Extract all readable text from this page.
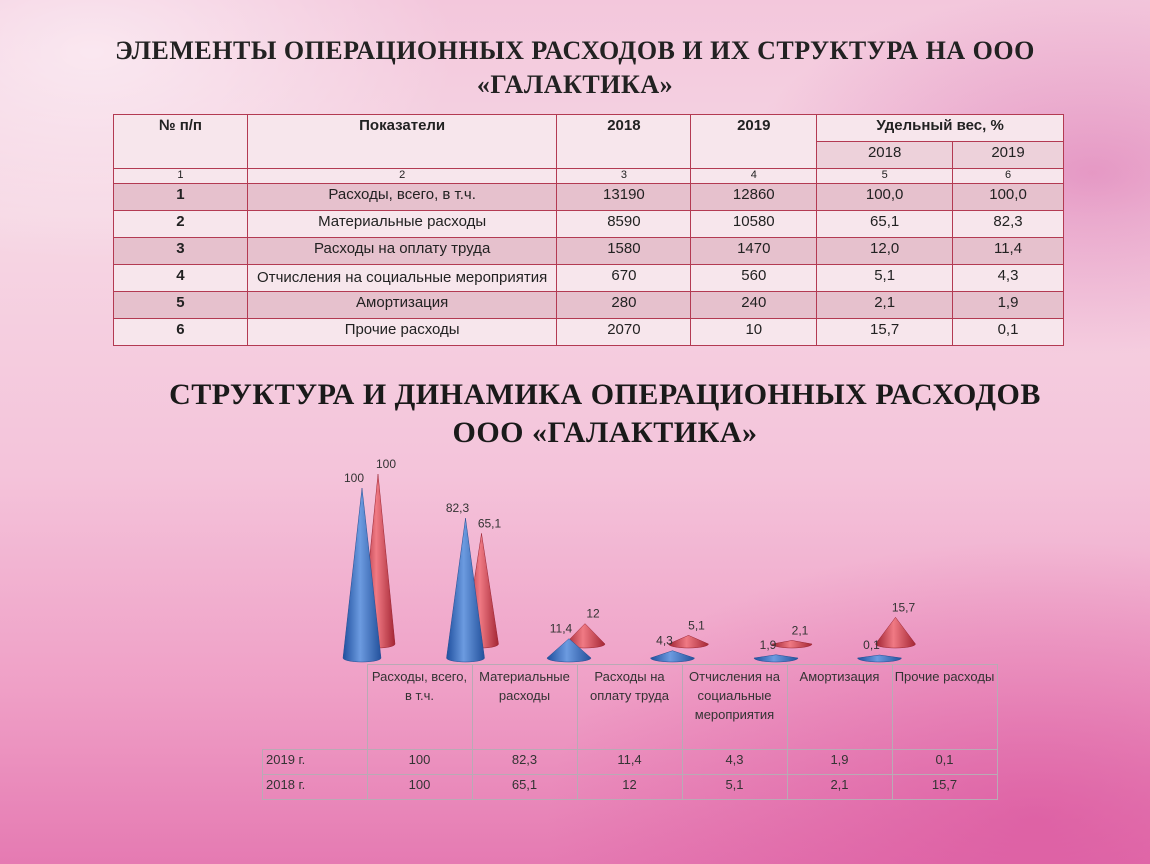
ЭЛЕМЕНТЫ ОПЕРАЦИОННЫХ РАСХОДОВ И ИХ СТРУКТУРА НА ООО «ГАЛАКТИКА»
№ п/п	Показатели	2018	2019	Удельный вес, %	
				2018	2019
1	2	3	4	5	6
1	Расходы, всего, в т.ч.	13190	12860	100,0	100,0
2	Материальные расходы	8590	10580	65,1	82,3
3	Расходы на оплату труда	1580	1470	12,0	11,4
4	Отчисления на социальные мероприятия	670	560	5,1	4,3
5	Амортизация	280	240	2,1	1,9
6	Прочие расходы	2070	10	15,7	0,1
СТРУКТУРА И ДИНАМИКА ОПЕРАЦИОННЫХ РАСХОДОВ
ООО «ГАЛАКТИКА»
100
100
65,1
82,3
12
11,4	5,1
4,3
2,1
1,9
15,7
0,1
	Расходы, всего, в т.ч.	Материальные расходы	Расходы на оплату труда	Отчисления на социальные мероприятия	Амортизация	Прочие расходы
2019 г.	100	82,3	11,4	4,3	1,9	0,1
2018 г.	100	65,1	12	5,1	2,1	15,7
